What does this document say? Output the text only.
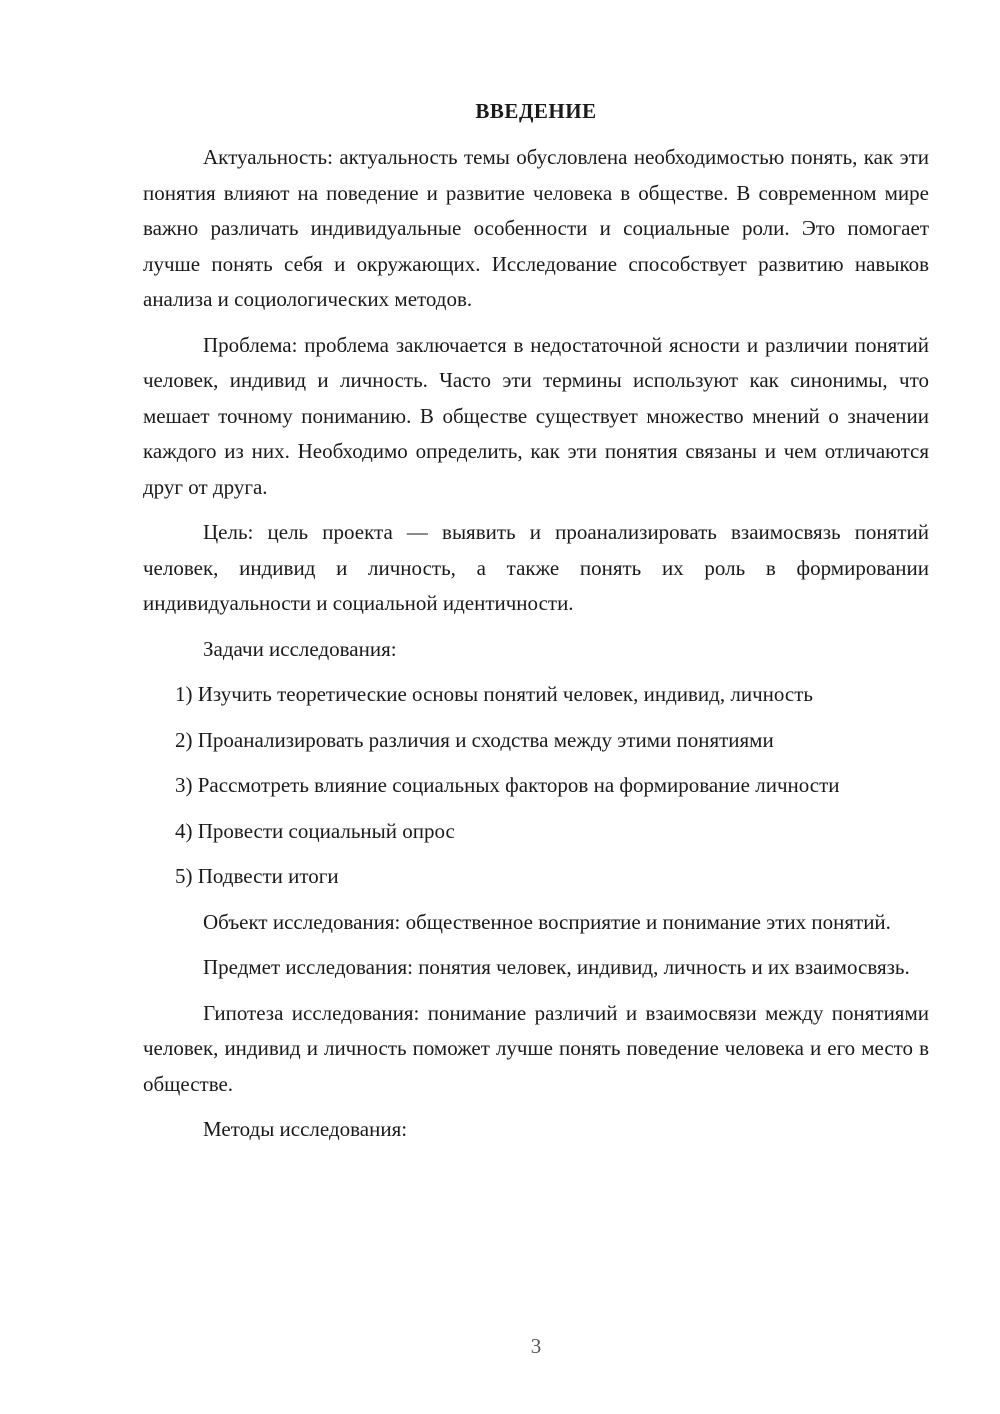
ВВЕДЕНИЕ

Актуальность: актуальность темы обусловлена необходимостью понять, как эти понятия влияют на поведение и развитие человека в обществе. В современном мире важно различать индивидуальные особенности и социальные роли. Это помогает лучше понять себя и окружающих. Исследование способствует развитию навыков анализа и социологических методов.

Проблема: проблема заключается в недостаточной ясности и различии понятий человек, индивид и личность. Часто эти термины используют как синонимы, что мешает точному пониманию. В обществе существует множество мнений о значении каждого из них. Необходимо определить, как эти понятия связаны и чем отличаются друг от друга.

Цель: цель проекта — выявить и проанализировать взаимосвязь понятий человек, индивид и личность, а также понять их роль в формировании индивидуальности и социальной идентичности.

Задачи исследования:

1) Изучить теоретические основы понятий человек, индивид, личность

2) Проанализировать различия и сходства между этими понятиями

3) Рассмотреть влияние социальных факторов на формирование личности

4) Провести социальный опрос

5) Подвести итоги

Объект исследования: общественное восприятие и понимание этих понятий.

Предмет исследования: понятия человек, индивид, личность и их взаимосвязь.

Гипотеза исследования: понимание различий и взаимосвязи между понятиями человек, индивид и личность поможет лучше понять поведение человека и его место в обществе.

Методы исследования:

3
